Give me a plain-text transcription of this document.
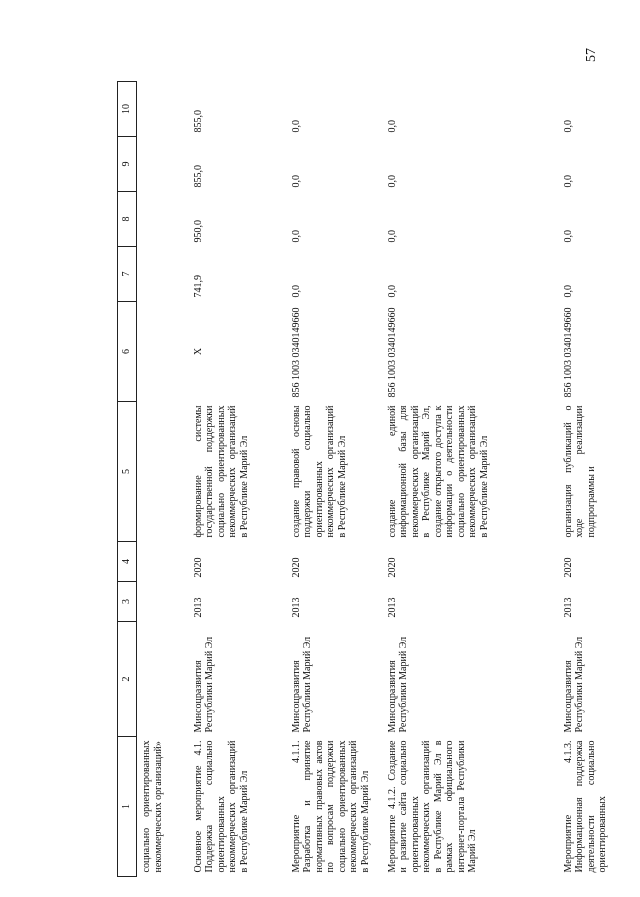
57
1	2	3	4	5	6	7	8	9	10
социально ориентированных некоммерческих организаций»									
Основное мероприятие 4.1. Поддержка социально ориентированных некоммерческих организаций в Республике Марий Эл	Минсоцразвития Республики Марий Эл	2013	2020	формирование системы государственной поддержки социально ориентированных некоммерческих организаций в Республике Марий Эл	X	741,9	950,0	855,0	855,0
Мероприятие 4.1.1. Разработка и принятие нормативных правовых актов по вопросам поддержки социально ориентированных некоммерческих организаций в Республике Марий Эл	Минсоцразвития Республики Марий Эл	2013	2020	создание правовой основы поддержки социально ориентированных некоммерческих организаций в Республике Марий Эл	856 1003 0340149660	0,0	0,0	0,0	0,0
Мероприятие 4.1.2. Создание и развитие сайта социально ориентированных некоммерческих организаций в Республике Марий Эл в рамках официального интернет-портала Республики Марий Эл	Минсоцразвития Республики Марий Эл	2013	2020	создание единой информационной базы для некоммерческих организаций в Республике Марий Эл, создание открытого доступа к информации о деятельности социально ориентированных некоммерческих организаций в Республике Марий Эл	856 1003 0340149660	0,0	0,0	0,0	0,0
Мероприятие 4.1.3. Информационная поддержка деятельности социально ориентированных	Минсоцразвития Республики Марий Эл	2013	2020	организация публикаций о ходе реализации подпрограммы и	856 1003 0340149660	0,0	0,0	0,0	0,0
